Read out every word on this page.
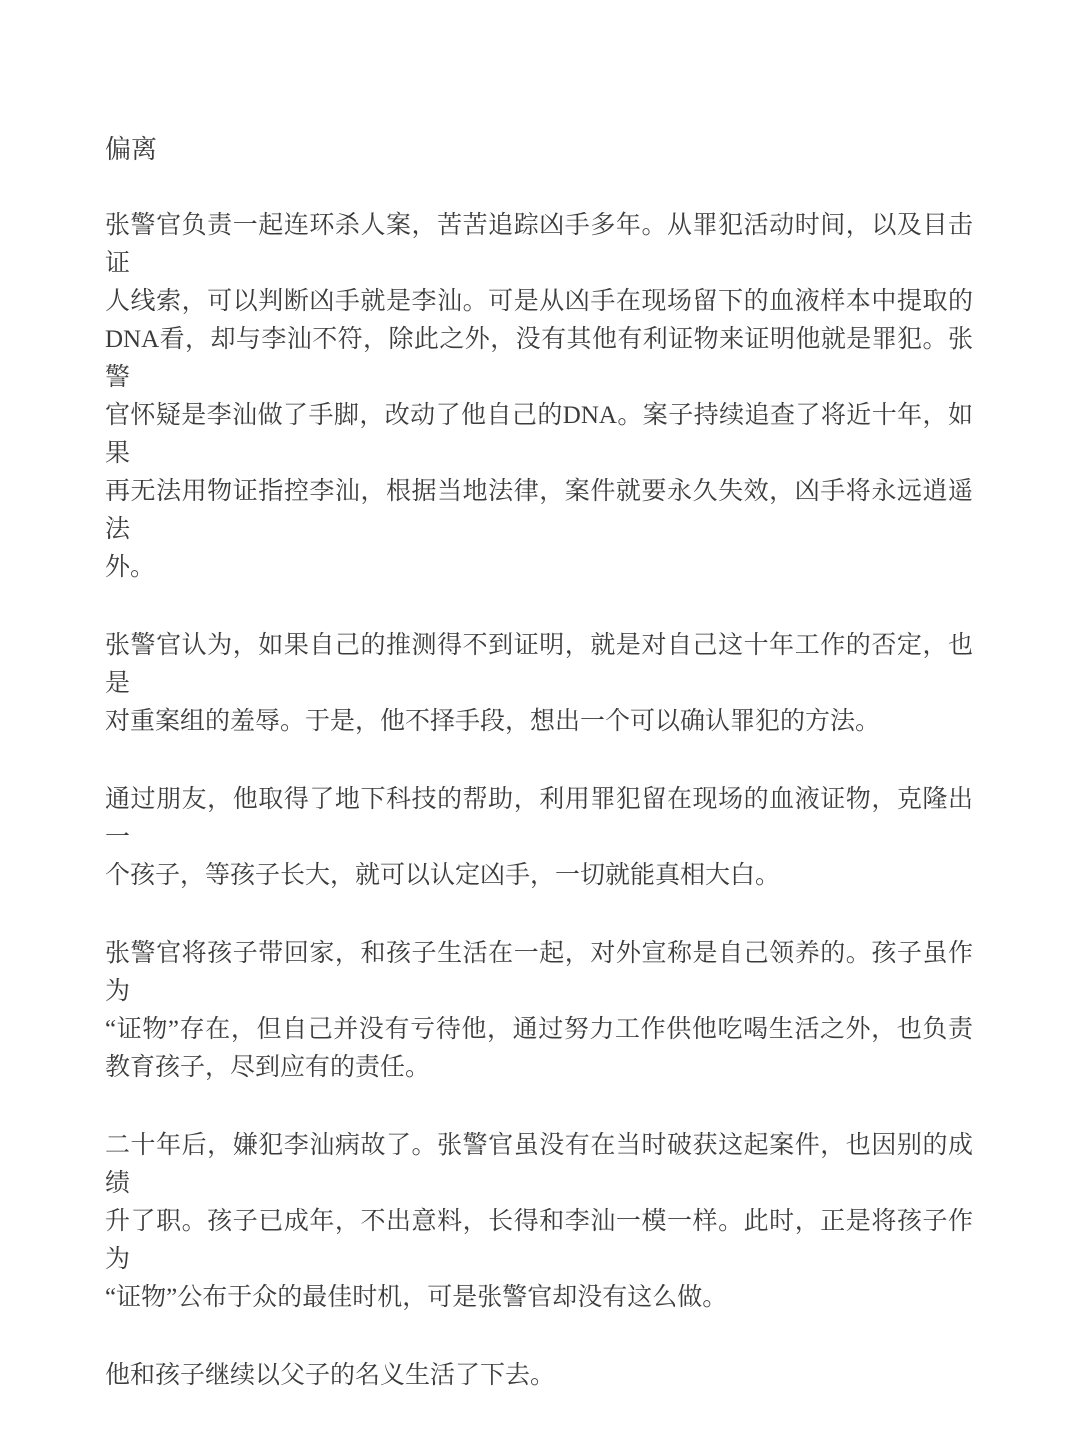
偏离

张警官负责一起连环杀人案，苦苦追踪凶手多年。从罪犯活动时间，以及目击证
人线索，可以判断凶手就是李汕。可是从凶手在现场留下的血液样本中提取的
DNA看，却与李汕不符，除此之外，没有其他有利证物来证明他就是罪犯。张警
官怀疑是李汕做了手脚，改动了他自己的DNA。案子持续追查了将近十年，如果
再无法用物证指控李汕，根据当地法律，案件就要永久失效，凶手将永远逍遥法
外。

张警官认为，如果自己的推测得不到证明，就是对自己这十年工作的否定，也是
对重案组的羞辱。于是，他不择手段，想出一个可以确认罪犯的方法。

通过朋友，他取得了地下科技的帮助，利用罪犯留在现场的血液证物，克隆出一
个孩子，等孩子长大，就可以认定凶手，一切就能真相大白。

张警官将孩子带回家，和孩子生活在一起，对外宣称是自己领养的。孩子虽作为
“证物”存在，但自己并没有亏待他，通过努力工作供他吃喝生活之外，也负责
教育孩子，尽到应有的责任。

二十年后，嫌犯李汕病故了。张警官虽没有在当时破获这起案件，也因别的成绩
升了职。孩子已成年，不出意料，长得和李汕一模一样。此时，正是将孩子作为
“证物”公布于众的最佳时机，可是张警官却没有这么做。

他和孩子继续以父子的名义生活了下去。
